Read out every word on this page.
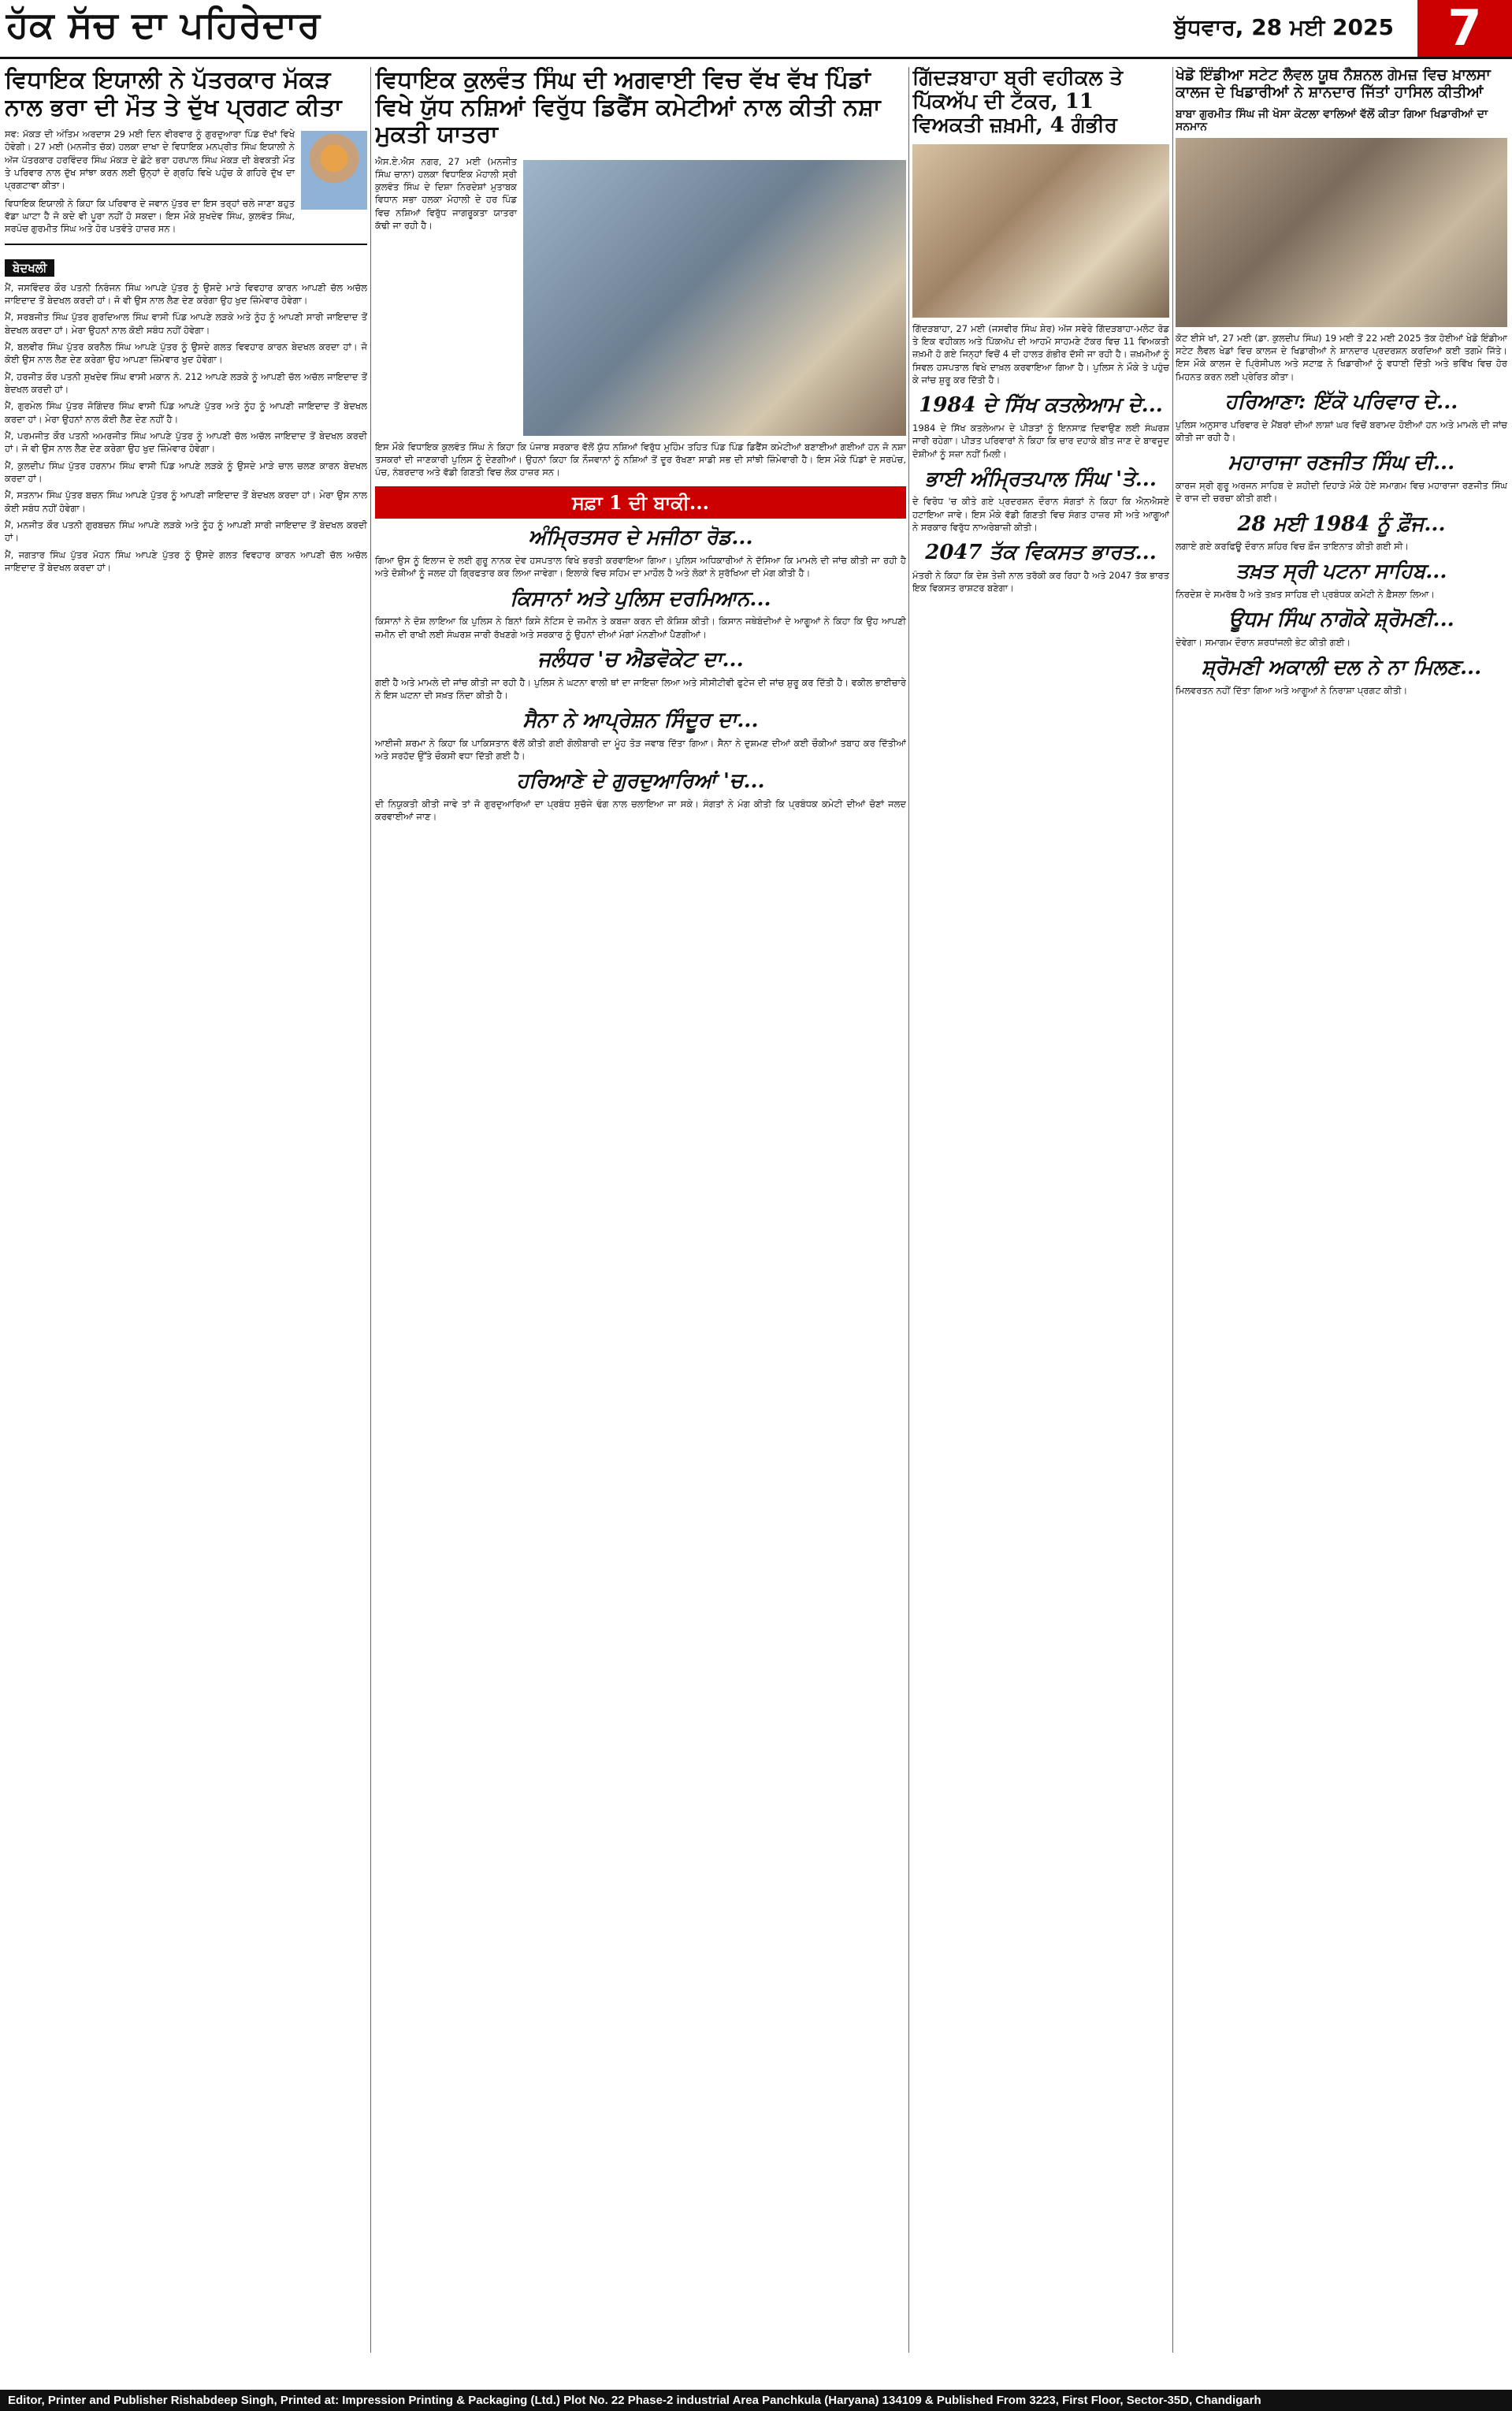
ਹੱਕ ਸੱਚ ਦਾ ਪਹਿਰੇਦਾਰ	ਬੁੱਧਵਾਰ, 28 ਮਈ 2025	7
ਵਿਧਾਇਕ ਇਯਾਲੀ ਨੇ ਪੱਤਰਕਾਰ ਮੱਕੜ ਨਾਲ ਭਰਾ ਦੀ ਮੌਤ ਤੇ ਦੁੱਖ ਪ੍ਰਗਟ ਕੀਤਾ

ਸਵ: ਮੱਕੜ ਦੀ ਅੰਤਿਮ ਅਰਦਾਸ 29 ਮਈ ਦਿਨ ਵੀਰਵਾਰ ਨੂੰ ਗੁਰਦੁਆਰਾ ਪਿੰਡ ਦੱਖਾਂ ਵਿਖੇ ਹੋਵੇਗੀ। 27 ਮਈ (ਮਨਜੀਤ ਚੱਕ) ਹਲਕਾ ਦਾਖਾ ਦੇ ਵਿਧਾਇਕ ਮਨਪ੍ਰੀਤ ਸਿੰਘ ਇਯਾਲੀ ਨੇ ਅੱਜ ਪੱਤਰਕਾਰ ਹਰਵਿੰਦਰ ਸਿੰਘ ਮੱਕੜ ਦੇ ਛੋਟੇ ਭਰਾ ਹਰਪਾਲ ਸਿੰਘ ਮੱਕੜ ਦੀ ਬੇਵਕਤੀ ਮੌਤ ਤੇ ਪਰਿਵਾਰ ਨਾਲ ਦੁੱਖ ਸਾਂਝਾ ਕਰਨ ਲਈ ਉਨ੍ਹਾਂ ਦੇ ਗ੍ਰਹਿ ਵਿਖੇ ਪਹੁੰਚ ਕੇ ਗਹਿਰੇ ਦੁੱਖ ਦਾ ਪ੍ਰਗਟਾਵਾ ਕੀਤਾ।

ਵਿਧਾਇਕ ਇਯਾਲੀ ਨੇ ਕਿਹਾ ਕਿ ਪਰਿਵਾਰ ਦੇ ਜਵਾਨ ਪੁੱਤਰ ਦਾ ਇਸ ਤਰ੍ਹਾਂ ਚਲੇ ਜਾਣਾ ਬਹੁਤ ਵੱਡਾ ਘਾਟਾ ਹੈ ਜੋ ਕਦੇ ਵੀ ਪੂਰਾ ਨਹੀਂ ਹੋ ਸਕਦਾ। ਇਸ ਮੌਕੇ ਸੁਖਦੇਵ ਸਿੰਘ, ਕੁਲਵੰਤ ਸਿੰਘ, ਸਰਪੰਚ ਗੁਰਮੀਤ ਸਿੰਘ ਅਤੇ ਹੋਰ ਪਤਵੰਤੇ ਹਾਜ਼ਰ ਸਨ।

ਬੇਦਖਲੀ

ਮੈਂ, ਜਸਵਿੰਦਰ ਕੌਰ ਪਤਨੀ ਨਿਰੰਜਨ ਸਿੰਘ ਆਪਣੇ ਪੁੱਤਰ ਨੂੰ ਉਸਦੇ ਮਾੜੇ ਵਿਵਹਾਰ ਕਾਰਨ ਆਪਣੀ ਚੱਲ ਅਚੱਲ ਜਾਇਦਾਦ ਤੋਂ ਬੇਦਖਲ ਕਰਦੀ ਹਾਂ। ਜੋ ਵੀ ਉਸ ਨਾਲ ਲੈਣ ਦੇਣ ਕਰੇਗਾ ਉਹ ਖੁਦ ਜ਼ਿੰਮੇਵਾਰ ਹੋਵੇਗਾ।

ਮੈਂ, ਸਰਬਜੀਤ ਸਿੰਘ ਪੁੱਤਰ ਗੁਰਦਿਆਲ ਸਿੰਘ ਵਾਸੀ ਪਿੰਡ ਆਪਣੇ ਲੜਕੇ ਅਤੇ ਨੂੰਹ ਨੂੰ ਆਪਣੀ ਸਾਰੀ ਜਾਇਦਾਦ ਤੋਂ ਬੇਦਖਲ ਕਰਦਾ ਹਾਂ। ਮੇਰਾ ਉਹਨਾਂ ਨਾਲ ਕੋਈ ਸਬੰਧ ਨਹੀਂ ਹੋਵੇਗਾ।

ਮੈਂ, ਬਲਵੀਰ ਸਿੰਘ ਪੁੱਤਰ ਕਰਨੈਲ ਸਿੰਘ ਆਪਣੇ ਪੁੱਤਰ ਨੂੰ ਉਸਦੇ ਗਲਤ ਵਿਵਹਾਰ ਕਾਰਨ ਬੇਦਖਲ ਕਰਦਾ ਹਾਂ। ਜੋ ਕੋਈ ਉਸ ਨਾਲ ਲੈਣ ਦੇਣ ਕਰੇਗਾ ਉਹ ਆਪਣਾ ਜ਼ਿੰਮੇਵਾਰ ਖੁਦ ਹੋਵੇਗਾ।

ਮੈਂ, ਹਰਜੀਤ ਕੌਰ ਪਤਨੀ ਸੁਖਦੇਵ ਸਿੰਘ ਵਾਸੀ ਮਕਾਨ ਨੰ. 212 ਆਪਣੇ ਲੜਕੇ ਨੂੰ ਆਪਣੀ ਚੱਲ ਅਚੱਲ ਜਾਇਦਾਦ ਤੋਂ ਬੇਦਖਲ ਕਰਦੀ ਹਾਂ।

ਮੈਂ, ਗੁਰਮੇਲ ਸਿੰਘ ਪੁੱਤਰ ਜੋਗਿੰਦਰ ਸਿੰਘ ਵਾਸੀ ਪਿੰਡ ਆਪਣੇ ਪੁੱਤਰ ਅਤੇ ਨੂੰਹ ਨੂੰ ਆਪਣੀ ਜਾਇਦਾਦ ਤੋਂ ਬੇਦਖਲ ਕਰਦਾ ਹਾਂ। ਮੇਰਾ ਉਹਨਾਂ ਨਾਲ ਕੋਈ ਲੈਣ ਦੇਣ ਨਹੀਂ ਹੈ।

ਮੈਂ, ਪਰਮਜੀਤ ਕੌਰ ਪਤਨੀ ਅਮਰਜੀਤ ਸਿੰਘ ਆਪਣੇ ਪੁੱਤਰ ਨੂੰ ਆਪਣੀ ਚੱਲ ਅਚੱਲ ਜਾਇਦਾਦ ਤੋਂ ਬੇਦਖਲ ਕਰਦੀ ਹਾਂ। ਜੋ ਵੀ ਉਸ ਨਾਲ ਲੈਣ ਦੇਣ ਕਰੇਗਾ ਉਹ ਖੁਦ ਜ਼ਿੰਮੇਵਾਰ ਹੋਵੇਗਾ।

ਮੈਂ, ਕੁਲਦੀਪ ਸਿੰਘ ਪੁੱਤਰ ਹਰਨਾਮ ਸਿੰਘ ਵਾਸੀ ਪਿੰਡ ਆਪਣੇ ਲੜਕੇ ਨੂੰ ਉਸਦੇ ਮਾੜੇ ਚਾਲ ਚਲਣ ਕਾਰਨ ਬੇਦਖਲ ਕਰਦਾ ਹਾਂ।

ਮੈਂ, ਸਤਨਾਮ ਸਿੰਘ ਪੁੱਤਰ ਬਚਨ ਸਿੰਘ ਆਪਣੇ ਪੁੱਤਰ ਨੂੰ ਆਪਣੀ ਜਾਇਦਾਦ ਤੋਂ ਬੇਦਖਲ ਕਰਦਾ ਹਾਂ। ਮੇਰਾ ਉਸ ਨਾਲ ਕੋਈ ਸਬੰਧ ਨਹੀਂ ਹੋਵੇਗਾ।

ਮੈਂ, ਮਨਜੀਤ ਕੌਰ ਪਤਨੀ ਗੁਰਬਚਨ ਸਿੰਘ ਆਪਣੇ ਲੜਕੇ ਅਤੇ ਨੂੰਹ ਨੂੰ ਆਪਣੀ ਸਾਰੀ ਜਾਇਦਾਦ ਤੋਂ ਬੇਦਖਲ ਕਰਦੀ ਹਾਂ।

ਮੈਂ, ਜਗਤਾਰ ਸਿੰਘ ਪੁੱਤਰ ਮੋਹਨ ਸਿੰਘ ਆਪਣੇ ਪੁੱਤਰ ਨੂੰ ਉਸਦੇ ਗਲਤ ਵਿਵਹਾਰ ਕਾਰਨ ਆਪਣੀ ਚੱਲ ਅਚੱਲ ਜਾਇਦਾਦ ਤੋਂ ਬੇਦਖਲ ਕਰਦਾ ਹਾਂ।

ਵਿਧਾਇਕ ਕੁਲਵੰਤ ਸਿੰਘ ਦੀ ਅਗਵਾਈ ਵਿਚ ਵੱਖ ਵੱਖ ਪਿੰਡਾਂ ਵਿਖੇ ਯੁੱਧ ਨਸ਼ਿਆਂ ਵਿਰੁੱਧ ਡਿਫੈਂਸ ਕਮੇਟੀਆਂ ਨਾਲ ਕੀਤੀ ਨਸ਼ਾ ਮੁਕਤੀ ਯਾਤਰਾ

ਐਸ.ਏ.ਐਸ ਨਗਰ, 27 ਮਈ (ਮਨਜੀਤ ਸਿੰਘ ਚਾਨਾ) ਹਲਕਾ ਵਿਧਾਇਕ ਮੋਹਾਲੀ ਸ੍ਰੀ ਕੁਲਵੰਤ ਸਿੰਘ ਦੇ ਦਿਸ਼ਾ ਨਿਰਦੇਸ਼ਾਂ ਮੁਤਾਬਕ ਵਿਧਾਨ ਸਭਾ ਹਲਕਾ ਮੋਹਾਲੀ ਦੇ ਹਰ ਪਿੰਡ ਵਿਚ ਨਸ਼ਿਆਂ ਵਿਰੁੱਧ ਜਾਗਰੂਕਤਾ ਯਾਤਰਾ ਕੱਢੀ ਜਾ ਰਹੀ ਹੈ।

ਇਸ ਮੌਕੇ ਵਿਧਾਇਕ ਕੁਲਵੰਤ ਸਿੰਘ ਨੇ ਕਿਹਾ ਕਿ ਪੰਜਾਬ ਸਰਕਾਰ ਵੱਲੋਂ ਯੁੱਧ ਨਸ਼ਿਆਂ ਵਿਰੁੱਧ ਮੁਹਿੰਮ ਤਹਿਤ ਪਿੰਡ ਪਿੰਡ ਡਿਫੈਂਸ ਕਮੇਟੀਆਂ ਬਣਾਈਆਂ ਗਈਆਂ ਹਨ ਜੋ ਨਸ਼ਾ ਤਸਕਰਾਂ ਦੀ ਜਾਣਕਾਰੀ ਪੁਲਿਸ ਨੂੰ ਦੇਣਗੀਆਂ। ਉਹਨਾਂ ਕਿਹਾ ਕਿ ਨੌਜਵਾਨਾਂ ਨੂੰ ਨਸ਼ਿਆਂ ਤੋਂ ਦੂਰ ਰੱਖਣਾ ਸਾਡੀ ਸਭ ਦੀ ਸਾਂਝੀ ਜ਼ਿੰਮੇਵਾਰੀ ਹੈ। ਇਸ ਮੌਕੇ ਪਿੰਡਾਂ ਦੇ ਸਰਪੰਚ, ਪੰਚ, ਨੰਬਰਦਾਰ ਅਤੇ ਵੱਡੀ ਗਿਣਤੀ ਵਿਚ ਲੋਕ ਹਾਜ਼ਰ ਸਨ।

ਸਫ਼ਾ 1 ਦੀ ਬਾਕੀ...
ਅੰਮ੍ਰਿਤਸਰ ਦੇ ਮਜੀਠਾ ਰੋਡ...

ਗਿਆ ਉਸ ਨੂੰ ਇਲਾਜ ਦੇ ਲਈ ਗੁਰੂ ਨਾਨਕ ਦੇਵ ਹਸਪਤਾਲ ਵਿਖੇ ਭਰਤੀ ਕਰਵਾਇਆ ਗਿਆ। ਪੁਲਿਸ ਅਧਿਕਾਰੀਆਂ ਨੇ ਦੱਸਿਆ ਕਿ ਮਾਮਲੇ ਦੀ ਜਾਂਚ ਕੀਤੀ ਜਾ ਰਹੀ ਹੈ ਅਤੇ ਦੋਸ਼ੀਆਂ ਨੂੰ ਜਲਦ ਹੀ ਗ੍ਰਿਫਤਾਰ ਕਰ ਲਿਆ ਜਾਵੇਗਾ। ਇਲਾਕੇ ਵਿਚ ਸਹਿਮ ਦਾ ਮਾਹੌਲ ਹੈ ਅਤੇ ਲੋਕਾਂ ਨੇ ਸੁਰੱਖਿਆ ਦੀ ਮੰਗ ਕੀਤੀ ਹੈ।

ਕਿਸਾਨਾਂ ਅਤੇ ਪੁਲਿਸ ਦਰਮਿਆਨ...

ਕਿਸਾਨਾਂ ਨੇ ਦੋਸ਼ ਲਾਇਆ ਕਿ ਪੁਲਿਸ ਨੇ ਬਿਨਾਂ ਕਿਸੇ ਨੋਟਿਸ ਦੇ ਜ਼ਮੀਨ ਤੇ ਕਬਜ਼ਾ ਕਰਨ ਦੀ ਕੋਸ਼ਿਸ਼ ਕੀਤੀ। ਕਿਸਾਨ ਜਥੇਬੰਦੀਆਂ ਦੇ ਆਗੂਆਂ ਨੇ ਕਿਹਾ ਕਿ ਉਹ ਆਪਣੀ ਜ਼ਮੀਨ ਦੀ ਰਾਖੀ ਲਈ ਸੰਘਰਸ਼ ਜਾਰੀ ਰੱਖਣਗੇ ਅਤੇ ਸਰਕਾਰ ਨੂੰ ਉਹਨਾਂ ਦੀਆਂ ਮੰਗਾਂ ਮੰਨਣੀਆਂ ਪੈਣਗੀਆਂ।

ਜਲੰਧਰ 'ਚ ਐਡਵੋਕੇਟ ਦਾ...

ਗਈ ਹੈ ਅਤੇ ਮਾਮਲੇ ਦੀ ਜਾਂਚ ਕੀਤੀ ਜਾ ਰਹੀ ਹੈ। ਪੁਲਿਸ ਨੇ ਘਟਨਾ ਵਾਲੀ ਥਾਂ ਦਾ ਜਾਇਜ਼ਾ ਲਿਆ ਅਤੇ ਸੀਸੀਟੀਵੀ ਫੁਟੇਜ ਦੀ ਜਾਂਚ ਸ਼ੁਰੂ ਕਰ ਦਿੱਤੀ ਹੈ। ਵਕੀਲ ਭਾਈਚਾਰੇ ਨੇ ਇਸ ਘਟਨਾ ਦੀ ਸਖ਼ਤ ਨਿੰਦਾ ਕੀਤੀ ਹੈ।

ਸੈਨਾ ਨੇ ਆਪ੍ਰੇਸ਼ਨ ਸਿੰਦੂਰ ਦਾ...

ਆਈਜੀ ਸ਼ਰਮਾ ਨੇ ਕਿਹਾ ਕਿ ਪਾਕਿਸਤਾਨ ਵੱਲੋਂ ਕੀਤੀ ਗਈ ਗੋਲੀਬਾਰੀ ਦਾ ਮੂੰਹ ਤੋੜ ਜਵਾਬ ਦਿੱਤਾ ਗਿਆ। ਸੈਨਾ ਨੇ ਦੁਸ਼ਮਣ ਦੀਆਂ ਕਈ ਚੌਕੀਆਂ ਤਬਾਹ ਕਰ ਦਿੱਤੀਆਂ ਅਤੇ ਸਰਹੱਦ ਉੱਤੇ ਚੌਕਸੀ ਵਧਾ ਦਿੱਤੀ ਗਈ ਹੈ।

ਹਰਿਆਣੇ ਦੇ ਗੁਰਦੁਆਰਿਆਂ 'ਚ...

ਦੀ ਨਿਯੁਕਤੀ ਕੀਤੀ ਜਾਵੇ ਤਾਂ ਜੋ ਗੁਰਦੁਆਰਿਆਂ ਦਾ ਪ੍ਰਬੰਧ ਸੁਚੱਜੇ ਢੰਗ ਨਾਲ ਚਲਾਇਆ ਜਾ ਸਕੇ। ਸੰਗਤਾਂ ਨੇ ਮੰਗ ਕੀਤੀ ਕਿ ਪ੍ਰਬੰਧਕ ਕਮੇਟੀ ਦੀਆਂ ਚੋਣਾਂ ਜਲਦ ਕਰਵਾਈਆਂ ਜਾਣ।

ਗਿੱਦੜਬਾਹਾ ਬ੍ਰੀ ਵਹੀਕਲ ਤੇ ਪਿੱਕਅੱਪ ਦੀ ਟੱਕਰ, 11 ਵਿਅਕਤੀ ਜ਼ਖ਼ਮੀ, 4 ਗੰਭੀਰ

ਗਿੱਦੜਬਾਹਾ, 27 ਮਈ (ਜਸਵੀਰ ਸਿੰਘ ਸ਼ੇਰ) ਅੱਜ ਸਵੇਰੇ ਗਿੱਦੜਬਾਹਾ-ਮਲੋਟ ਰੋਡ ਤੇ ਇਕ ਵਹੀਕਲ ਅਤੇ ਪਿੱਕਅੱਪ ਦੀ ਆਹਮੋ ਸਾਹਮਣੇ ਟੱਕਰ ਵਿਚ 11 ਵਿਅਕਤੀ ਜ਼ਖ਼ਮੀ ਹੋ ਗਏ ਜਿਨ੍ਹਾਂ ਵਿਚੋਂ 4 ਦੀ ਹਾਲਤ ਗੰਭੀਰ ਦੱਸੀ ਜਾ ਰਹੀ ਹੈ। ਜ਼ਖ਼ਮੀਆਂ ਨੂੰ ਸਿਵਲ ਹਸਪਤਾਲ ਵਿਖੇ ਦਾਖ਼ਲ ਕਰਵਾਇਆ ਗਿਆ ਹੈ। ਪੁਲਿਸ ਨੇ ਮੌਕੇ ਤੇ ਪਹੁੰਚ ਕੇ ਜਾਂਚ ਸ਼ੁਰੂ ਕਰ ਦਿੱਤੀ ਹੈ।

1984 ਦੇ ਸਿੱਖ ਕਤਲੇਆਮ ਦੇ...

1984 ਦੇ ਸਿੱਖ ਕਤਲੇਆਮ ਦੇ ਪੀੜਤਾਂ ਨੂੰ ਇਨਸਾਫ਼ ਦਿਵਾਉਣ ਲਈ ਸੰਘਰਸ਼ ਜਾਰੀ ਰਹੇਗਾ। ਪੀੜਤ ਪਰਿਵਾਰਾਂ ਨੇ ਕਿਹਾ ਕਿ ਚਾਰ ਦਹਾਕੇ ਬੀਤ ਜਾਣ ਦੇ ਬਾਵਜੂਦ ਦੋਸ਼ੀਆਂ ਨੂੰ ਸਜ਼ਾ ਨਹੀਂ ਮਿਲੀ।

ਭਾਈ ਅੰਮ੍ਰਿਤਪਾਲ ਸਿੰਘ 'ਤੇ...

ਦੇ ਵਿਰੋਧ 'ਚ ਕੀਤੇ ਗਏ ਪ੍ਰਦਰਸ਼ਨ ਦੌਰਾਨ ਸੰਗਤਾਂ ਨੇ ਕਿਹਾ ਕਿ ਐਨਐਸਏ ਹਟਾਇਆ ਜਾਵੇ। ਇਸ ਮੌਕੇ ਵੱਡੀ ਗਿਣਤੀ ਵਿਚ ਸੰਗਤ ਹਾਜ਼ਰ ਸੀ ਅਤੇ ਆਗੂਆਂ ਨੇ ਸਰਕਾਰ ਵਿਰੁੱਧ ਨਾਅਰੇਬਾਜ਼ੀ ਕੀਤੀ।

2047 ਤੱਕ ਵਿਕਸਤ ਭਾਰਤ...

ਮੰਤਰੀ ਨੇ ਕਿਹਾ ਕਿ ਦੇਸ਼ ਤੇਜ਼ੀ ਨਾਲ ਤਰੱਕੀ ਕਰ ਰਿਹਾ ਹੈ ਅਤੇ 2047 ਤੱਕ ਭਾਰਤ ਇਕ ਵਿਕਸਤ ਰਾਸ਼ਟਰ ਬਣੇਗਾ।

ਖੇਡੋ ਇੰਡੀਆ ਸਟੇਟ ਲੈਵਲ ਯੂਥ ਨੈਸ਼ਨਲ ਗੇਮਜ਼ ਵਿਚ ਖ਼ਾਲਸਾ ਕਾਲਜ ਦੇ ਖਿਡਾਰੀਆਂ ਨੇ ਸ਼ਾਨਦਾਰ ਜਿੱਤਾਂ ਹਾਸਿਲ ਕੀਤੀਆਂ
ਬਾਬਾ ਗੁਰਮੀਤ ਸਿੰਘ ਜੀ ਖੋਸਾ ਕੋਟਲਾ ਵਾਲਿਆਂ ਵੱਲੋਂ ਕੀਤਾ ਗਿਆ ਖਿਡਾਰੀਆਂ ਦਾ ਸਨਮਾਨ

ਕੋਟ ਈਸੇ ਖਾਂ, 27 ਮਈ (ਡਾ. ਕੁਲਦੀਪ ਸਿੰਘ) 19 ਮਈ ਤੋਂ 22 ਮਈ 2025 ਤੱਕ ਹੋਈਆਂ ਖੇਡੋ ਇੰਡੀਆ ਸਟੇਟ ਲੈਵਲ ਖੇਡਾਂ ਵਿਚ ਕਾਲਜ ਦੇ ਖਿਡਾਰੀਆਂ ਨੇ ਸ਼ਾਨਦਾਰ ਪ੍ਰਦਰਸ਼ਨ ਕਰਦਿਆਂ ਕਈ ਤਗਮੇ ਜਿੱਤੇ। ਇਸ ਮੌਕੇ ਕਾਲਜ ਦੇ ਪ੍ਰਿੰਸੀਪਲ ਅਤੇ ਸਟਾਫ਼ ਨੇ ਖਿਡਾਰੀਆਂ ਨੂੰ ਵਧਾਈ ਦਿੱਤੀ ਅਤੇ ਭਵਿੱਖ ਵਿਚ ਹੋਰ ਮਿਹਨਤ ਕਰਨ ਲਈ ਪ੍ਰੇਰਿਤ ਕੀਤਾ।

ਹਰਿਆਣਾ: ਇੱਕੋ ਪਰਿਵਾਰ ਦੇ...

ਪੁਲਿਸ ਅਨੁਸਾਰ ਪਰਿਵਾਰ ਦੇ ਮੈਂਬਰਾਂ ਦੀਆਂ ਲਾਸ਼ਾਂ ਘਰ ਵਿਚੋਂ ਬਰਾਮਦ ਹੋਈਆਂ ਹਨ ਅਤੇ ਮਾਮਲੇ ਦੀ ਜਾਂਚ ਕੀਤੀ ਜਾ ਰਹੀ ਹੈ।

ਮਹਾਰਾਜਾ ਰਣਜੀਤ ਸਿੰਘ ਦੀ...

ਕਾਰਜ ਸ੍ਰੀ ਗੁਰੂ ਅਰਜਨ ਸਾਹਿਬ ਦੇ ਸ਼ਹੀਦੀ ਦਿਹਾੜੇ ਮੌਕੇ ਹੋਏ ਸਮਾਗਮ ਵਿਚ ਮਹਾਰਾਜਾ ਰਣਜੀਤ ਸਿੰਘ ਦੇ ਰਾਜ ਦੀ ਚਰਚਾ ਕੀਤੀ ਗਈ।

28 ਮਈ 1984 ਨੂੰ ਫ਼ੌਜ...

ਲਗਾਏ ਗਏ ਕਰਫਿਊ ਦੌਰਾਨ ਸ਼ਹਿਰ ਵਿਚ ਫ਼ੌਜ ਤਾਇਨਾਤ ਕੀਤੀ ਗਈ ਸੀ।

ਤਖ਼ਤ ਸ੍ਰੀ ਪਟਨਾ ਸਾਹਿਬ...

ਨਿਰਦੇਸ਼ ਦੇ ਸਮਰੱਥ ਹੈ ਅਤੇ ਤਖ਼ਤ ਸਾਹਿਬ ਦੀ ਪ੍ਰਬੰਧਕ ਕਮੇਟੀ ਨੇ ਫ਼ੈਸਲਾ ਲਿਆ।

ਊਧਮ ਸਿੰਘ ਨਾਗੋਕੇ ਸ਼੍ਰੋਮਣੀ...

ਦੇਵੇਗਾ। ਸਮਾਗਮ ਦੌਰਾਨ ਸ਼ਰਧਾਂਜਲੀ ਭੇਟ ਕੀਤੀ ਗਈ।

ਸ਼੍ਰੋਮਣੀ ਅਕਾਲੀ ਦਲ ਨੇ ਨਾ ਮਿਲਣ...

ਮਿਲਵਰਤਨ ਨਹੀਂ ਦਿੱਤਾ ਗਿਆ ਅਤੇ ਆਗੂਆਂ ਨੇ ਨਿਰਾਸ਼ਾ ਪ੍ਰਗਟ ਕੀਤੀ।

Editor, Printer and Publisher Rishabdeep Singh, Printed at: Impression Printing & Packaging (Ltd.) Plot No. 22 Phase-2 industrial Area Panchkula (Haryana) 134109 & Published From 3223, First Floor, Sector-35D, Chandigarh
